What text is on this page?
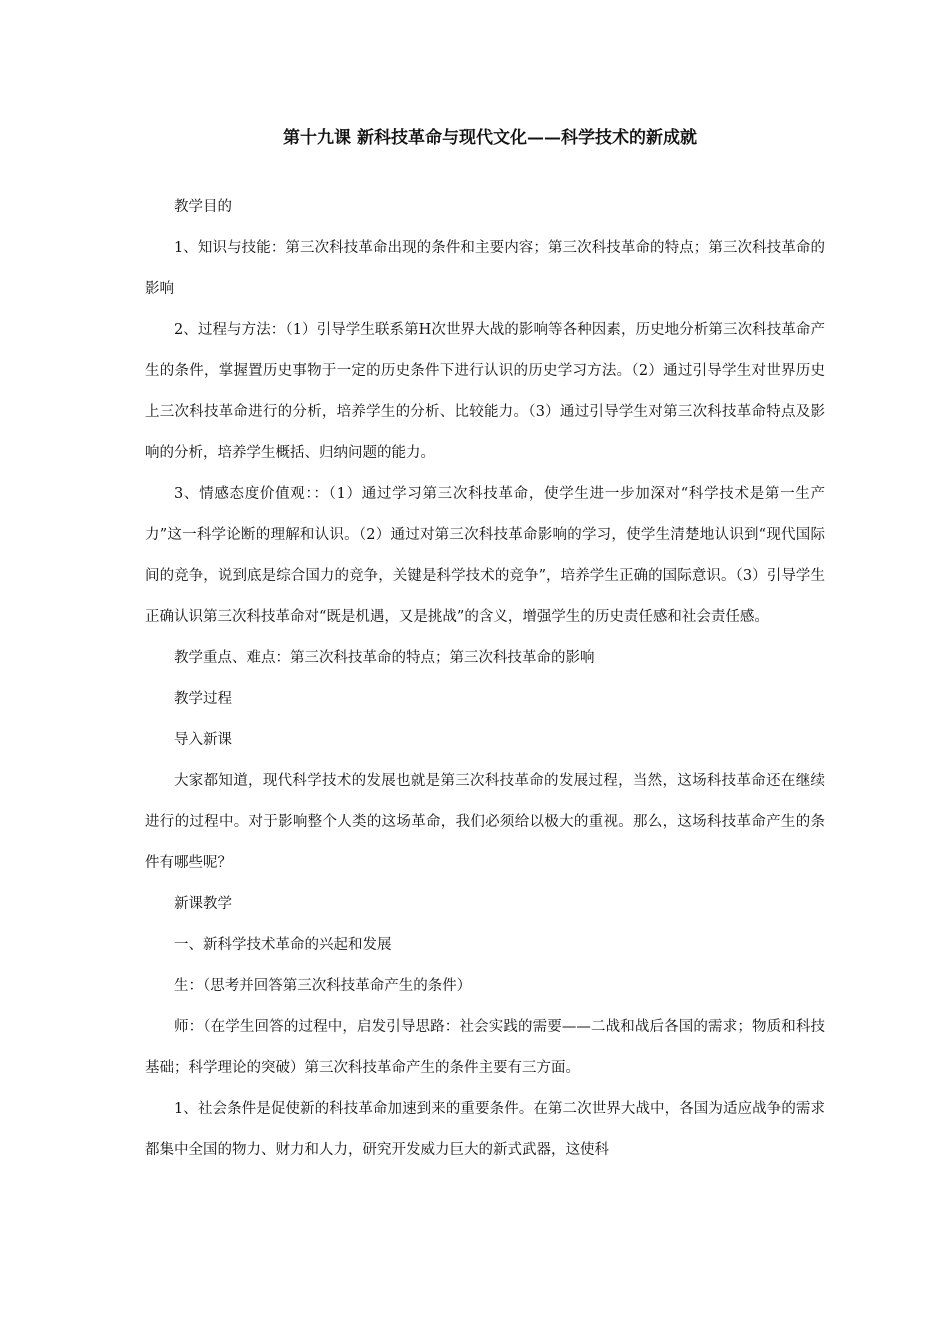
第十九课 新科技革命与现代文化——科学技术的新成就

教学目的

1、知识与技能：第三次科技革命出现的条件和主要内容；第三次科技革命的特点；第三次科技革命的影响

2、过程与方法：（1）引导学生联系第H次世界大战的影响等各种因素，历史地分析第三次科技革命产生的条件，掌握置历史事物于一定的历史条件下进行认识的历史学习方法。（2）通过引导学生对世界历史上三次科技革命进行的分析，培养学生的分析、比较能力。（3）通过引导学生对第三次科技革命特点及影响的分析，培养学生概括、归纳问题的能力。

3、情感态度价值观：：（1）通过学习第三次科技革命，使学生进一步加深对“科学技术是第一生产力”这一科学论断的理解和认识。（2）通过对第三次科技革命影响的学习，使学生清楚地认识到“现代国际间的竞争，说到底是综合国力的竞争，关键是科学技术的竞争”，培养学生正确的国际意识。（3）引导学生正确认识第三次科技革命对“既是机遇，又是挑战”的含义，增强学生的历史责任感和社会责任感。

教学重点、难点：第三次科技革命的特点；第三次科技革命的影响

教学过程

导入新课

大家都知道，现代科学技术的发展也就是第三次科技革命的发展过程，当然，这场科技革命还在继续进行的过程中。对于影响整个人类的这场革命，我们必须给以极大的重视。那么，这场科技革命产生的条件有哪些呢？

新课教学

一、新科学技术革命的兴起和发展

生：（思考并回答第三次科技革命产生的条件）

师：（在学生回答的过程中，启发引导思路：社会实践的需要——二战和战后各国的需求；物质和科技基础；科学理论的突破）第三次科技革命产生的条件主要有三方面。

1、社会条件是促使新的科技革命加速到来的重要条件。在第二次世界大战中，各国为适应战争的需求都集中全国的物力、财力和人力，研究开发威力巨大的新式武器，这使科
